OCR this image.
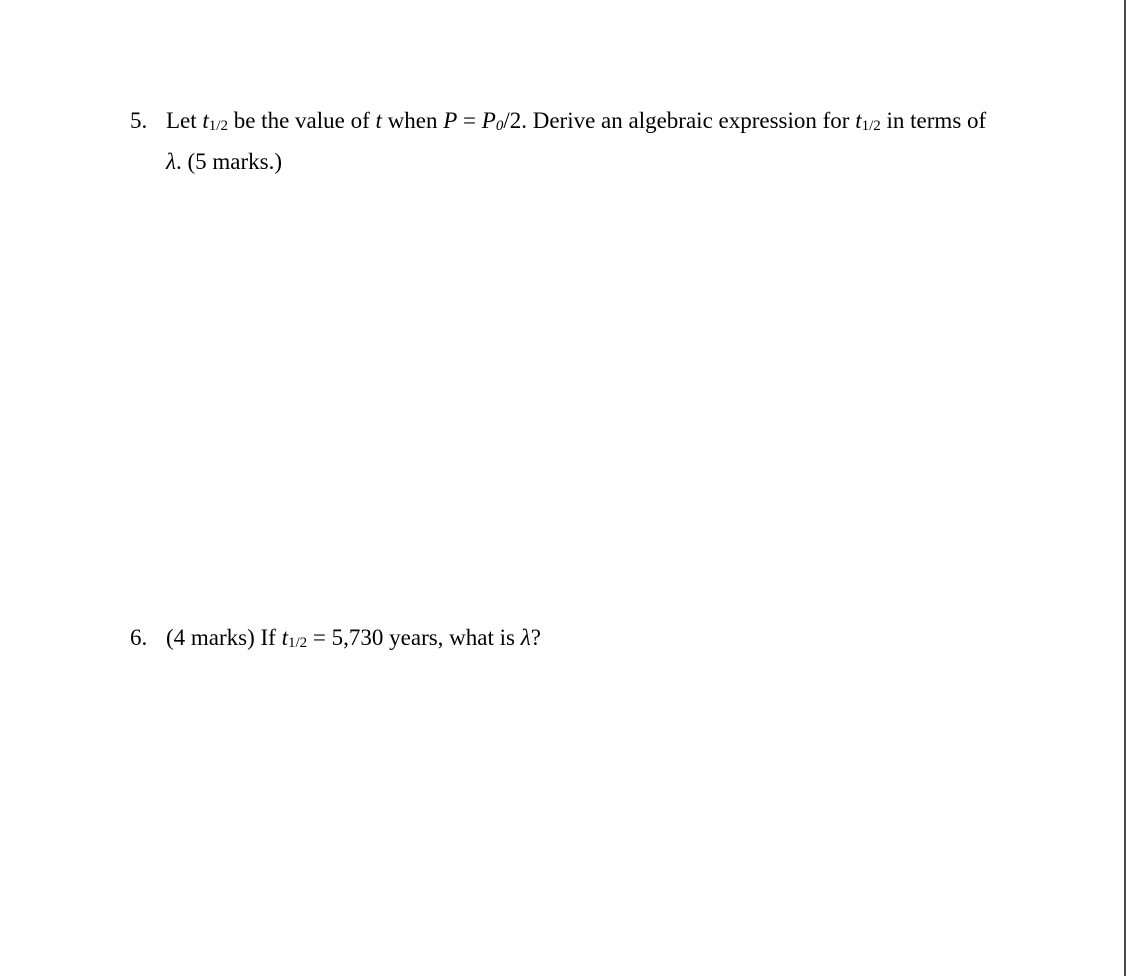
5. Let t1/2 be the value of t when P = P0/2. Derive an algebraic expression for t1/2 in terms of
λ. (5 marks.)
6. (4 marks) If t1/2 = 5,730 years, what is λ?
